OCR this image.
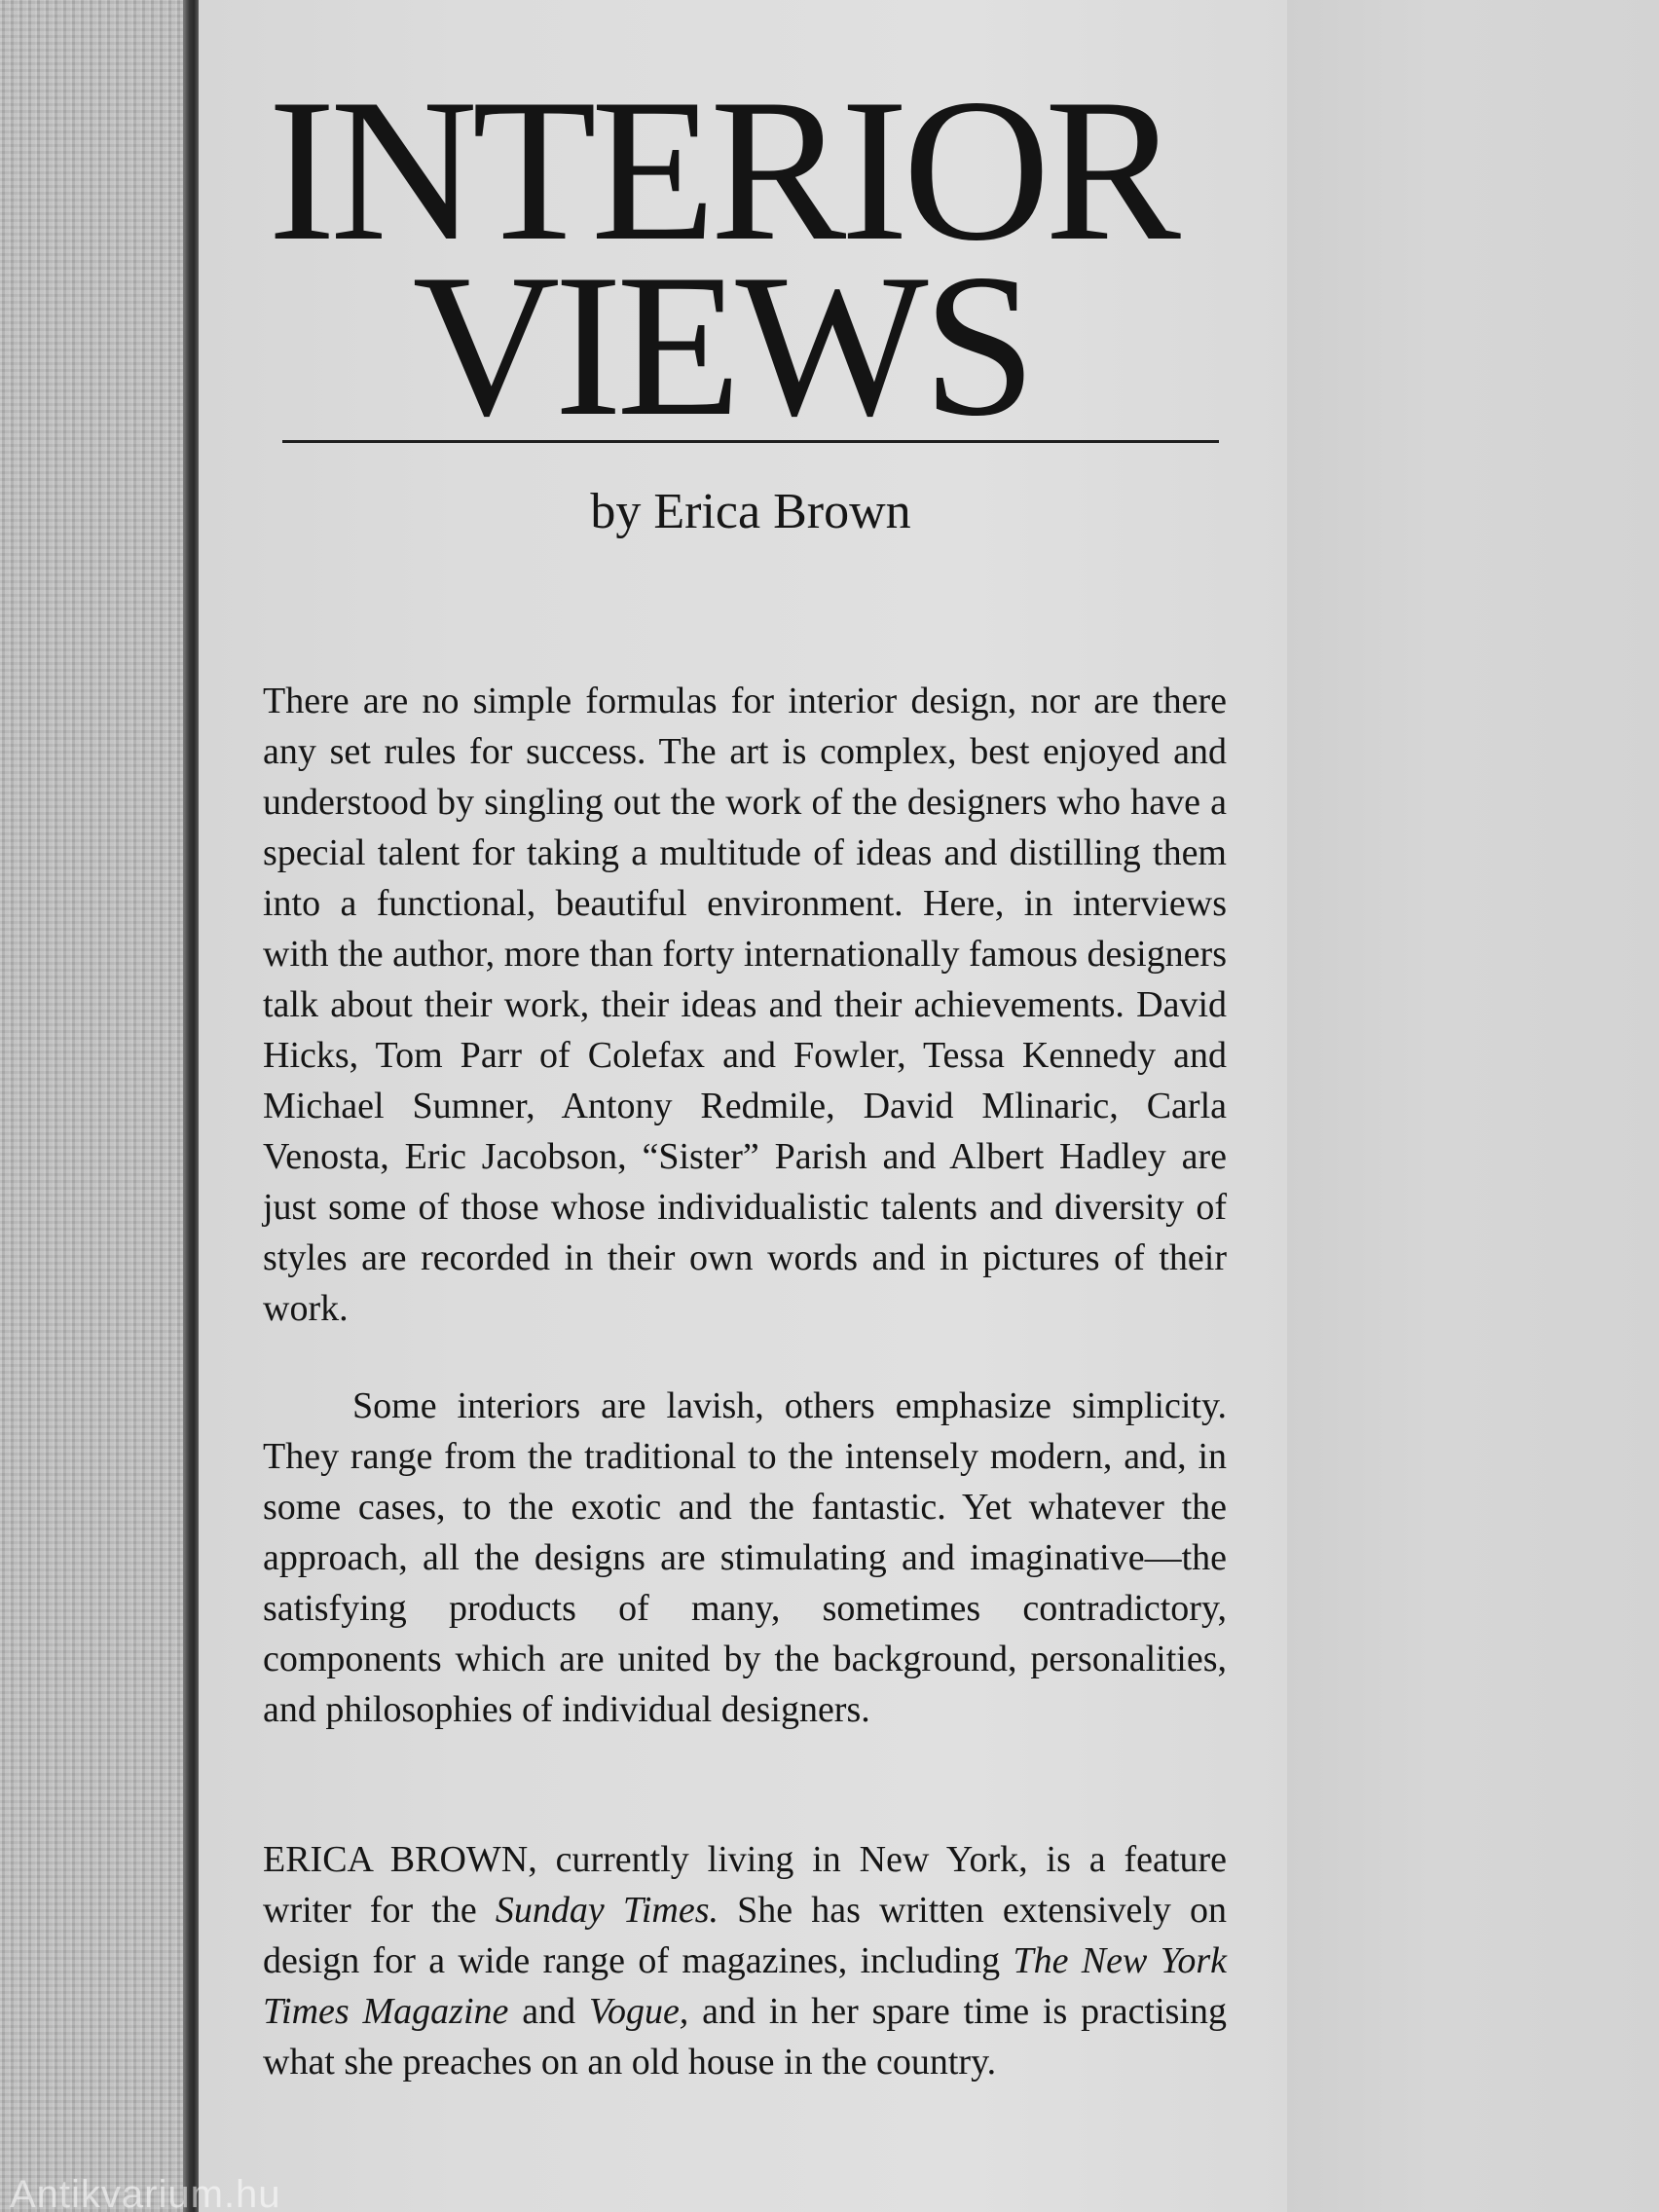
INTERIOR
VIEWS
by Erica Brown

There are no simple formulas for interior design, nor are there any set rules for success. The art is complex, best enjoyed and understood by singling out the work of the designers who have a special talent for taking a multitude of ideas and distilling them into a functional, beautiful environment. Here, in interviews with the author, more than forty internationally famous designers talk about their work, their ideas and their achievements. David Hicks, Tom Parr of Colefax and Fowler, Tessa Kennedy and Michael Sumner, Antony Redmile, David Mlinaric, Carla Venosta, Eric Jacobson, “Sister” Parish and Albert Hadley are just some of those whose individualistic talents and diversity of styles are recorded in their own words and in pictures of their work.

Some interiors are lavish, others emphasize simplicity. They range from the traditional to the intensely modern, and, in some cases, to the exotic and the fantastic. Yet whatever the approach, all the designs are stimulating and imaginative—the satisfying products of many, sometimes contradictory, components which are united by the background, personalities, and philosophies of individual designers.

ERICA BROWN, currently living in New York, is a feature writer for the Sunday Times. She has written extensively on design for a wide range of magazines, including The New York Times Magazine and Vogue, and in her spare time is practising what she preaches on an old house in the country.

Antikvarium.hu
